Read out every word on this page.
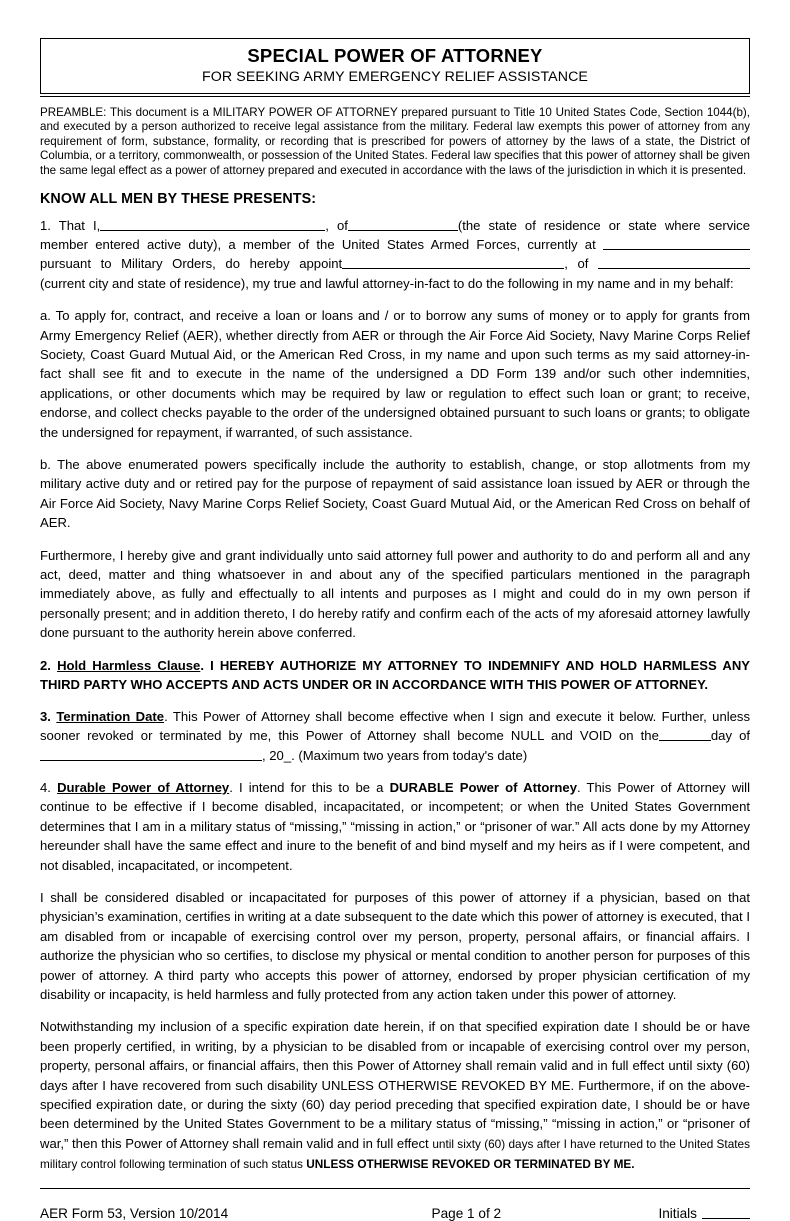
SPECIAL POWER OF ATTORNEY
FOR SEEKING ARMY EMERGENCY RELIEF ASSISTANCE
PREAMBLE: This document is a MILITARY POWER OF ATTORNEY prepared pursuant to Title 10 United States Code, Section 1044(b), and executed by a person authorized to receive legal assistance from the military. Federal law exempts this power of attorney from any requirement of form, substance, formality, or recording that is prescribed for powers of attorney by the laws of a state, the District of Columbia, or a territory, commonwealth, or possession of the United States. Federal law specifies that this power of attorney shall be given the same legal effect as a power of attorney prepared and executed in accordance with the laws of the jurisdiction in which it is presented.
KNOW ALL MEN BY THESE PRESENTS:

1. That I,	, of	(the state of residence or state where service member entered active duty), a member of the United States Armed Forces, currently at  pursuant to Military Orders, do hereby appoint	, of  (current city and state of residence), my true and lawful attorney-in-fact to do the following in my name and in my behalf:

a. To apply for, contract, and receive a loan or loans and / or to borrow any sums of money or to apply for grants from Army Emergency Relief (AER), whether directly from AER or through the Air Force Aid Society, Navy Marine Corps Relief Society, Coast Guard Mutual Aid, or the American Red Cross, in my name and upon such terms as my said attorney-in-fact shall see fit and to execute in the name of the undersigned a DD Form 139 and/or such other indemnities, applications, or other documents which may be required by law or regulation to effect such loan or grant; to receive, endorse, and collect checks payable to the order of the undersigned obtained pursuant to such loans or grants; to obligate the undersigned for repayment, if warranted, of such assistance.

b. The above enumerated powers specifically include the authority to establish, change, or stop allotments from my military active duty and or retired pay for the purpose of repayment of said assistance loan issued by AER or through the Air Force Aid Society, Navy Marine Corps Relief Society, Coast Guard Mutual Aid, or the American Red Cross on behalf of AER.

Furthermore, I hereby give and grant individually unto said attorney full power and authority to do and perform all and any act, deed, matter and thing whatsoever in and about any of the specified particulars mentioned in the paragraph immediately above, as fully and effectually to all intents and purposes as I might and could do in my own person if personally present; and in addition thereto, I do hereby ratify and confirm each of the acts of my aforesaid attorney lawfully done pursuant to the authority herein above conferred.

2. Hold Harmless Clause. I HEREBY AUTHORIZE MY ATTORNEY TO INDEMNIFY AND HOLD HARMLESS ANY THIRD PARTY WHO ACCEPTS AND ACTS UNDER OR IN ACCORDANCE WITH THIS POWER OF ATTORNEY.

3. Termination Date. This Power of Attorney shall become effective when I sign and execute it below. Further, unless sooner revoked or terminated by me, this Power of Attorney shall become NULL and VOID on the	day of , 20_. (Maximum two years from today's date)

4. Durable Power of Attorney. I intend for this to be a DURABLE Power of Attorney. This Power of Attorney will continue to be effective if I become disabled, incapacitated, or incompetent; or when the United States Government determines that I am in a military status of “missing,” “missing in action,” or “prisoner of war.” All acts done by my Attorney hereunder shall have the same effect and inure to the benefit of and bind myself and my heirs as if I were competent, and not disabled, incapacitated, or incompetent.

I shall be considered disabled or incapacitated for purposes of this power of attorney if a physician, based on that physician’s examination, certifies in writing at a date subsequent to the date which this power of attorney is executed, that I am disabled from or incapable of exercising control over my person, property, personal affairs, or financial affairs. I authorize the physician who so certifies, to disclose my physical or mental condition to another person for purposes of this power of attorney. A third party who accepts this power of attorney, endorsed by proper physician certification of my disability or incapacity, is held harmless and fully protected from any action taken under this power of attorney.

Notwithstanding my inclusion of a specific expiration date herein, if on that specified expiration date I should be or have been properly certified, in writing, by a physician to be disabled from or incapable of exercising control over my person, property, personal affairs, or financial affairs, then this Power of Attorney shall remain valid and in full effect until sixty (60) days after I have recovered from such disability UNLESS OTHERWISE REVOKED BY ME. Furthermore, if on the above-specified expiration date, or during the sixty (60) day period preceding that specified expiration date, I should be or have been determined by the United States Government to be a military status of “missing,” “missing in action,” or “prisoner of war,” then this Power of Attorney shall remain valid and in full effect until sixty (60) days after I have returned to the United States military control following termination of such status UNLESS OTHERWISE REVOKED OR TERMINATED BY ME.

AER Form 53, Version 10/2014	Page 1 of 2	Initials
